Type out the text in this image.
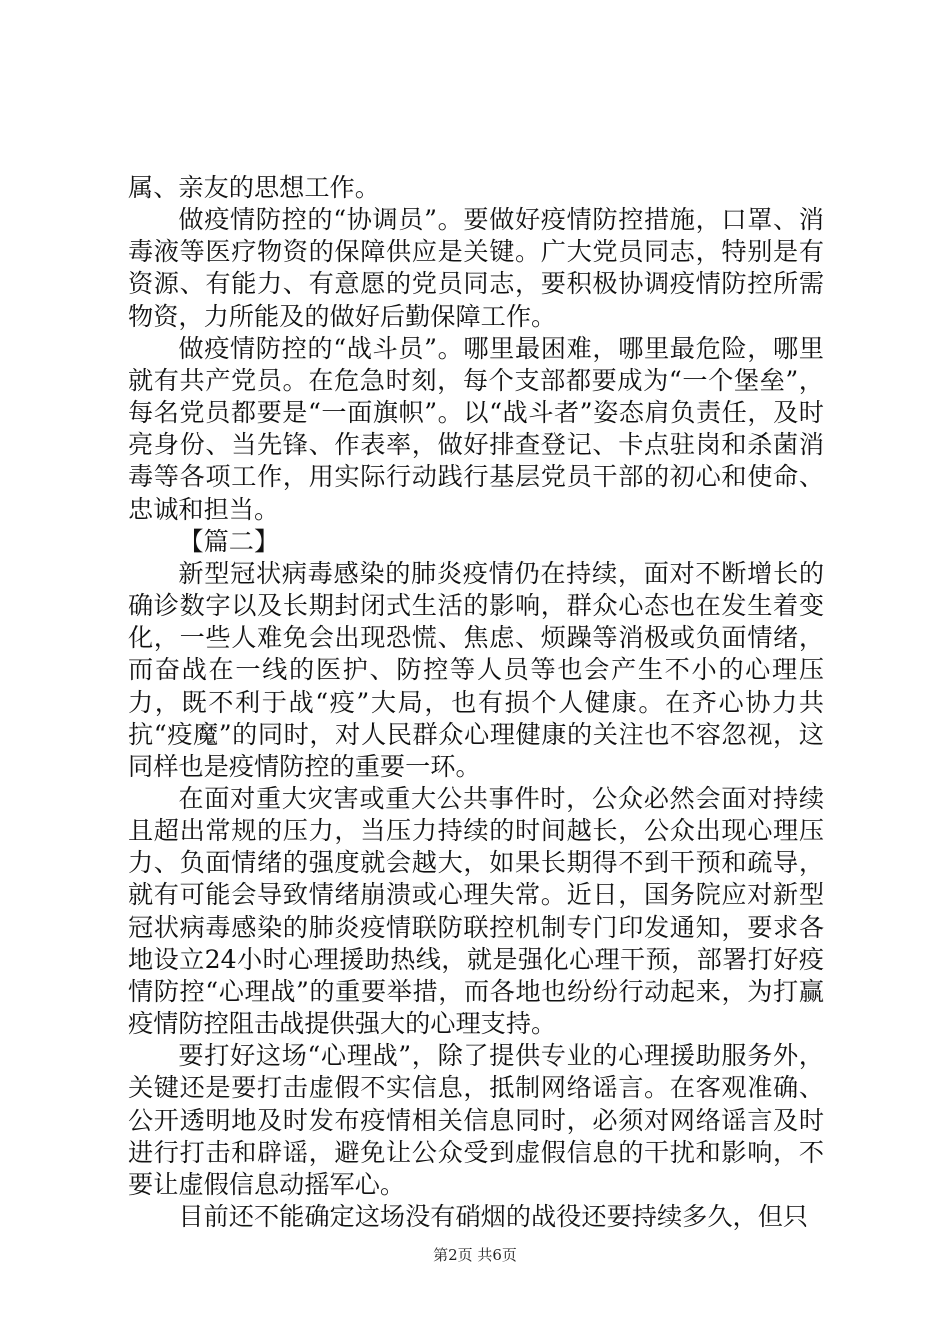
属、亲友的思想工作。

做疫情防控的“协调员”。要做好疫情防控措施，口罩、消毒液等医疗物资的保障供应是关键。广大党员同志，特别是有资源、有能力、有意愿的党员同志，要积极协调疫情防控所需物资，力所能及的做好后勤保障工作。

做疫情防控的“战斗员”。哪里最困难，哪里最危险，哪里就有共产党员。在危急时刻，每个支部都要成为“一个堡垒”，每名党员都要是“一面旗帜”。以“战斗者”姿态肩负责任，及时亮身份、当先锋、作表率，做好排查登记、卡点驻岗和杀菌消毒等各项工作，用实际行动践行基层党员干部的初心和使命、忠诚和担当。

【篇二】

新型冠状病毒感染的肺炎疫情仍在持续，面对不断增长的确诊数字以及长期封闭式生活的影响，群众心态也在发生着变化，一些人难免会出现恐慌、焦虑、烦躁等消极或负面情绪，而奋战在一线的医护、防控等人员等也会产生不小的心理压力，既不利于战“疫”大局，也有损个人健康。在齐心协力共抗“疫魔”的同时，对人民群众心理健康的关注也不容忽视，这同样也是疫情防控的重要一环。

在面对重大灾害或重大公共事件时，公众必然会面对持续且超出常规的压力，当压力持续的时间越长，公众出现心理压力、负面情绪的强度就会越大，如果长期得不到干预和疏导，就有可能会导致情绪崩溃或心理失常。近日，国务院应对新型冠状病毒感染的肺炎疫情联防联控机制专门印发通知，要求各地设立24小时心理援助热线，就是强化心理干预，部署打好疫情防控“心理战”的重要举措，而各地也纷纷行动起来，为打赢疫情防控阻击战提供强大的心理支持。

要打好这场“心理战”，除了提供专业的心理援助服务外，关键还是要打击虚假不实信息，抵制网络谣言。在客观准确、公开透明地及时发布疫情相关信息同时，必须对网络谣言及时进行打击和辟谣，避免让公众受到虚假信息的干扰和影响，不要让虚假信息动摇军心。

目前还不能确定这场没有硝烟的战役还要持续多久，但只

第2页 共6页
